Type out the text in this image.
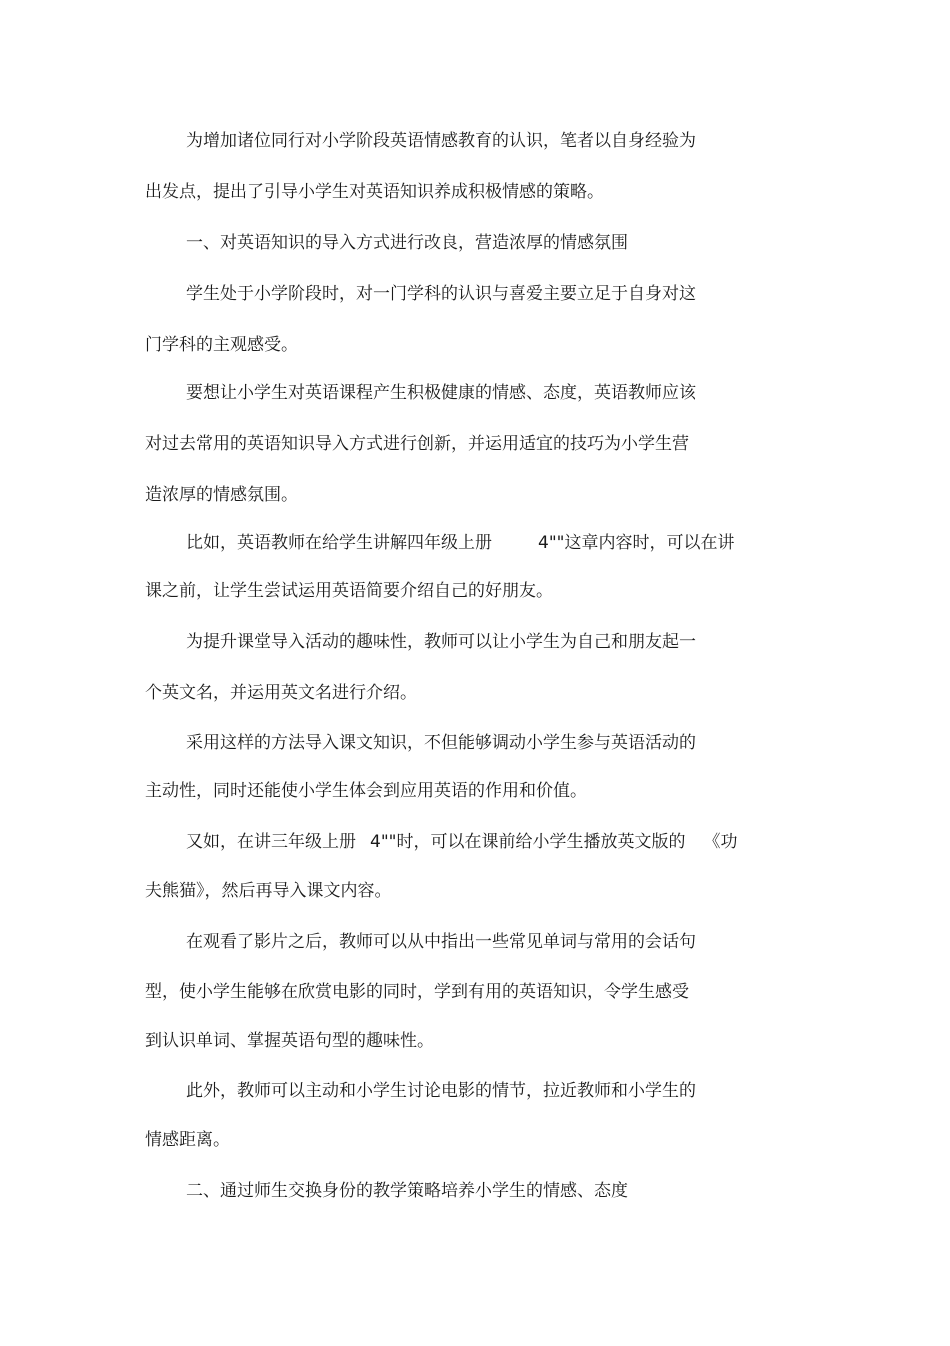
为增加诸位同行对小学阶段英语情感教育的认识，笔者以自身经验为
出发点，提出了引导小学生对英语知识养成积极情感的策略。
一、对英语知识的导入方式进行改良，营造浓厚的情感氛围
学生处于小学阶段时，对一门学科的认识与喜爱主要立足于自身对这
门学科的主观感受。
要想让小学生对英语课程产生积极健康的情感、态度，英语教师应该
对过去常用的英语知识导入方式进行创新，并运用适宜的技巧为小学生营
造浓厚的情感氛围。
比如，英语教师在给学生讲解四年级上册	4""这章内容时，可以在讲
课之前，让学生尝试运用英语简要介绍自己的好朋友。
为提升课堂导入活动的趣味性，教师可以让小学生为自己和朋友起一
个英文名，并运用英文名进行介绍。
采用这样的方法导入课文知识，不但能够调动小学生参与英语活动的
主动性，同时还能使小学生体会到应用英语的作用和价值。
又如，在讲三年级上册 4""时，可以在课前给小学生播放英文版的 《功
夫熊猫》，然后再导入课文内容。
在观看了影片之后，教师可以从中指出一些常见单词与常用的会话句
型，使小学生能够在欣赏电影的同时，学到有用的英语知识，令学生感受
到认识单词、掌握英语句型的趣味性。
此外，教师可以主动和小学生讨论电影的情节，拉近教师和小学生的
情感距离。
二、通过师生交换身份的教学策略培养小学生的情感、态度
